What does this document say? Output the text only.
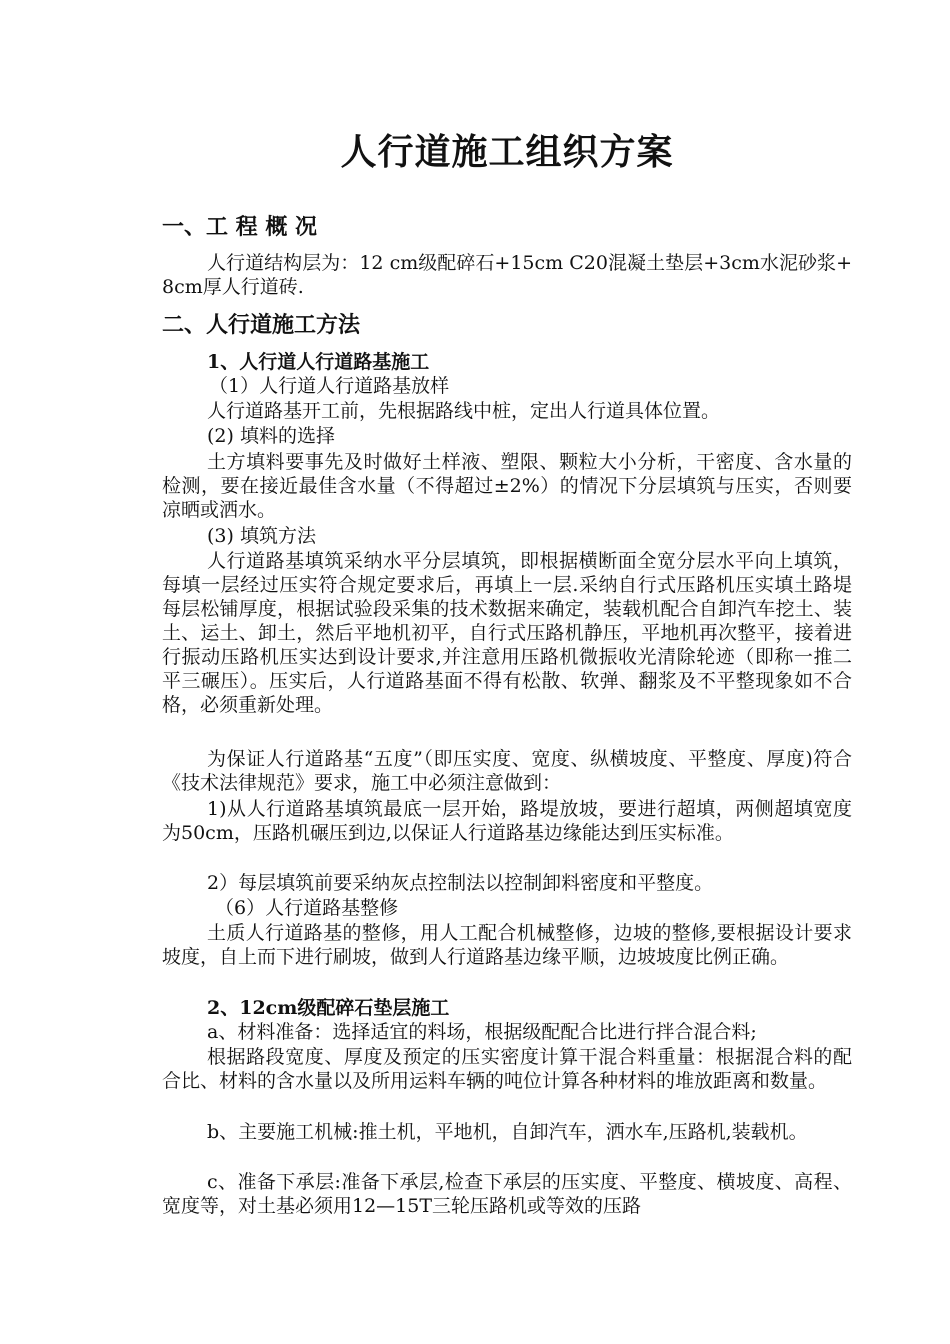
人行道施工组织方案
一、工 程 概 况

人行道结构层为：12 cm级配碎石+15cm C20混凝土垫层+3cm水泥砂浆+8cm厚人行道砖.

二、人行道施工方法
1、人行道人行道路基施工

（1）人行道人行道路基放样

人行道路基开工前，先根据路线中桩，定出人行道具体位置。

(2) 填料的选择

土方填料要事先及时做好土样液、塑限、颗粒大小分析，干密度、含水量的检测，要在接近最佳含水量（不得超过±2%）的情况下分层填筑与压实，否则要凉晒或洒水。

(3) 填筑方法

人行道路基填筑采纳水平分层填筑，即根据横断面全宽分层水平向上填筑，每填一层经过压实符合规定要求后，再填上一层.采纳自行式压路机压实填土路堤每层松铺厚度，根据试验段采集的技术数据来确定，装载机配合自卸汽车挖土、装土、运土、卸土，然后平地机初平，自行式压路机静压，平地机再次整平，接着进行振动压路机压实达到设计要求,并注意用压路机微振收光清除轮迹（即称一推二平三碾压）。压实后，人行道路基面不得有松散、软弹、翻浆及不平整现象如不合格，必须重新处理。

为保证人行道路基“五度”（即压实度、宽度、纵横坡度、平整度、厚度)符合《技术法律规范》要求，施工中必须注意做到：

1)从人行道路基填筑最底一层开始，路堤放坡，要进行超填，两侧超填宽度为50cm，压路机碾压到边,以保证人行道路基边缘能达到压实标准。

2）每层填筑前要采纳灰点控制法以控制卸料密度和平整度。

（6）人行道路基整修

土质人行道路基的整修，用人工配合机械整修，边坡的整修,要根据设计要求坡度，自上而下进行刷坡，做到人行道路基边缘平顺，边坡坡度比例正确。

2、12cm级配碎石垫层施工

a、材料准备：选择适宜的料场，根据级配配合比进行拌合混合料;

根据路段宽度、厚度及预定的压实密度计算干混合料重量：根据混合料的配合比、材料的含水量以及所用运料车辆的吨位计算各种材料的堆放距离和数量。

b、主要施工机械:推土机，平地机，自卸汽车，洒水车,压路机,装载机。

c、准备下承层:准备下承层,检查下承层的压实度、平整度、横坡度、高程、宽度等，对土基必须用12—15T三轮压路机或等效的压路
